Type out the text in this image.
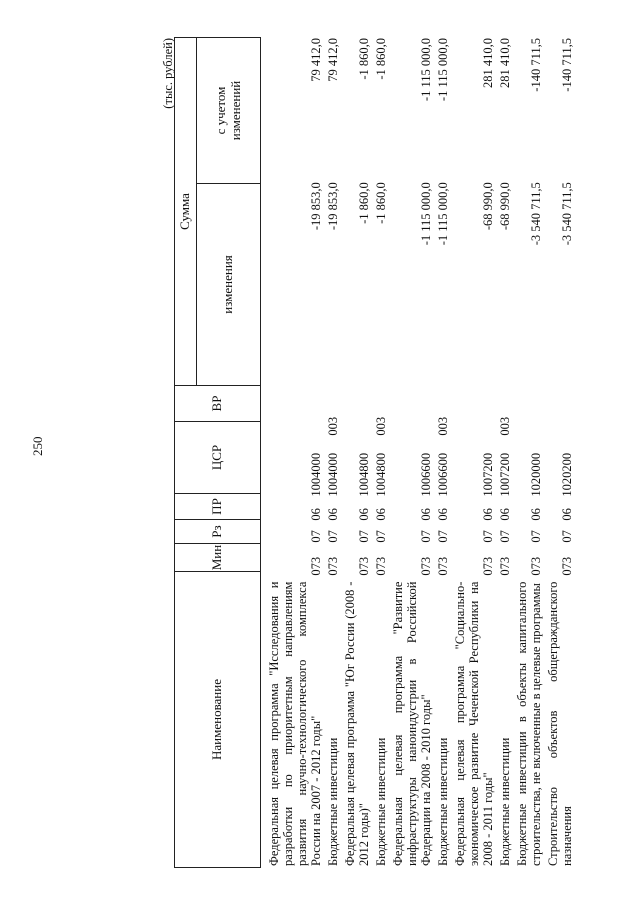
250
(тыс. рублей)
Наименование
Мин
Рз
ПР
ЦСР
ВР
Сумма
изменения
с учетом
изменений
Федеральная целевая программа "Исследования и разработки по приоритетным направлениям развития научно-технологического комплекса России на 2007 - 2012 годы"
073
07
06
1004000
-19 853,0
79 412,0
Бюджетные инвестиции
073
07
06
1004000
003
-19 853,0
79 412,0
Федеральная целевая программа "Юг России (2008 - 2012 годы)"
073
07
06
1004800
-1 860,0
-1 860,0
Бюджетные инвестиции
073
07
06
1004800
003
-1 860,0
-1 860,0
Федеральная целевая программа "Развитие инфраструктуры наноиндустрии в Российской Федерации на 2008 - 2010 годы"
073
07
06
1006600
-1 115 000,0
-1 115 000,0
Бюджетные инвестиции
073
07
06
1006600
003
-1 115 000,0
-1 115 000,0
Федеральная целевая программа "Социально-экономическое развитие Чеченской Республики на 2008 - 2011 годы"
073
07
06
1007200
-68 990,0
281 410,0
Бюджетные инвестиции
073
07
06
1007200
003
-68 990,0
281 410,0
Бюджетные инвестиции в объекты капитального строительства, не включенные в целевые программы
073
07
06
1020000
-3 540 711,5
-140 711,5
Строительство объектов общегражданского назначения
073
07
06
1020200
-3 540 711,5
-140 711,5
